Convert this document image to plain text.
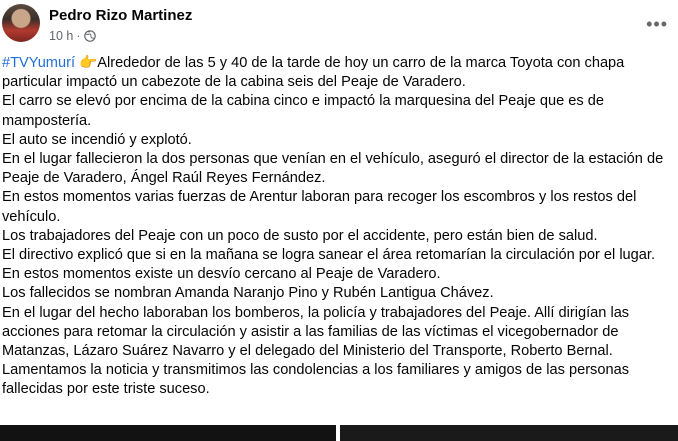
Pedro Rizo Martinez
10 h ·
•••

#TVYumurí 👉Alrededor de las 5 y 40 de la tarde de hoy un carro de la marca Toyota con chapa particular impactó un cabezote de la cabina seis del Peaje de Varadero.

El carro se elevó por encima de la cabina cinco e impactó la marquesina del Peaje que es de mampostería.

El auto se incendió y explotó.

En el lugar fallecieron la dos personas que venían en el vehículo, aseguró el director de la estación de Peaje de Varadero, Ángel Raúl Reyes Fernández.

En estos momentos varias fuerzas de Arentur laboran para recoger los escombros y los restos del vehículo.

Los trabajadores del Peaje con un poco de susto por el accidente, pero están bien de salud.

El directivo explicó que si en la mañana se logra sanear el área retomarían la circulación por el lugar.

En estos momentos existe un desvío cercano al Peaje de Varadero.

Los fallecidos se nombran Amanda Naranjo Pino y Rubén Lantigua Chávez.

En el lugar del hecho laboraban los bomberos, la policía y trabajadores del Peaje. Allí dirigían las acciones para retomar la circulación y asistir a las familias de las víctimas el vicegobernador de Matanzas, Lázaro Suárez Navarro y el delegado del Ministerio del Transporte, Roberto Bernal.

Lamentamos la noticia y transmitimos las condolencias a los familiares y amigos de las personas fallecidas por este triste suceso.
